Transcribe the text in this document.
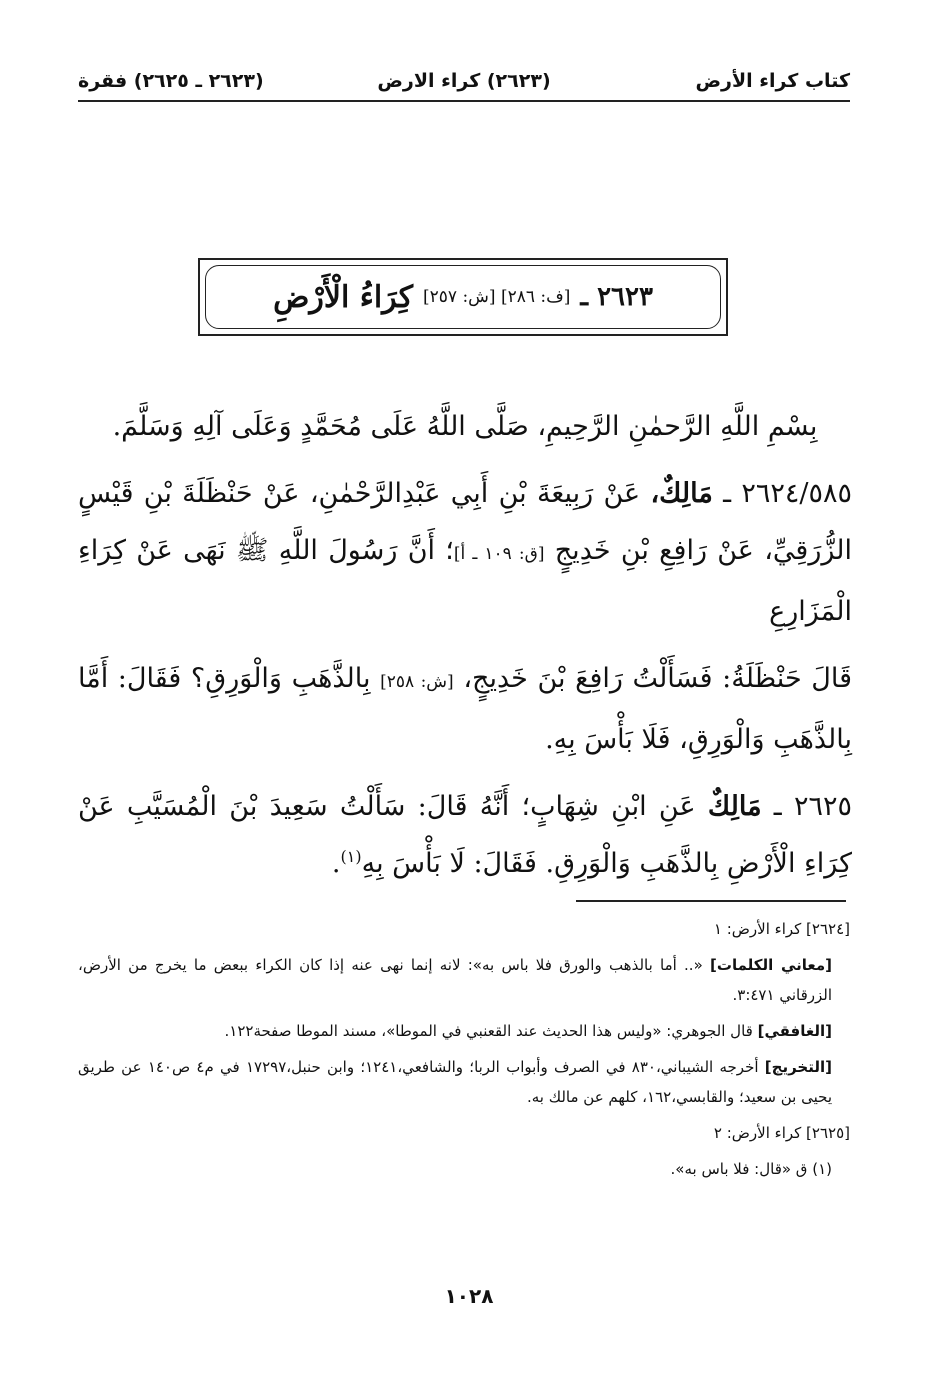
كتاب كراء الأرض
(٢٦٢٣) كراء الارض
(٢٦٢٣ ـ ٢٦٢٥) فقرة
٢٦٢٣ ـ
[ف: ٢٨٦] [ش: ٢٥٧]
كِرَاءُ الْأَرْضِ

بِسْمِ اللَّهِ الرَّحمٰنِ الرَّحِيمِ، صَلَّى اللَّهُ عَلَى مُحَمَّدٍ وَعَلَى آلِهِ وَسَلَّمَ.

٢٦٢٤/٥٨٥ ـ مَالِكٌ، عَنْ رَبِيعَةَ بْنِ أَبِي عَبْدِالرَّحْمٰنِ، عَنْ حَنْظَلَةَ بْنِ قَيْسٍ الزُّرَقِيِّ، عَنْ رَافِعِ بْنِ خَدِيجٍ [ق: ١٠٩ ـ أ]؛ أَنَّ رَسُولَ اللَّهِ ﷺ نَهَى عَنْ كِرَاءِ الْمَزَارِعِ

قَالَ حَنْظَلَةُ: فَسَأَلْتُ رَافِعَ بْنَ خَدِيجٍ، [ش: ٢٥٨] بِالذَّهَبِ وَالْوَرِقِ؟ فَقَالَ: أَمَّا بِالذَّهَبِ وَالْوَرِقِ، فَلَا بَأْسَ بِهِ.

٢٦٢٥ ـ مَالِكٌ عَنِ ابْنِ شِهَابٍ؛ أَنَّهُ قَالَ: سَأَلْتُ سَعِيدَ بْنَ الْمُسَيَّبِ عَنْ كِرَاءِ الْأَرْضِ بِالذَّهَبِ وَالْوَرِقِ. فَقَالَ: لَا بَأْسَ بِهِ$^{(١)}$.

[٢٦٢٤] كراء الأرض: ١

[معاني الكلمات] «.. أما بالذهب والورق فلا باس به»: لانه إنما نهى عنه إذا كان الكراء ببعض ما يخرج من الأرض، الزرقاني ٣:٤٧١.

[الغافقي] قال الجوهري: «وليس هذا الحديث عند القعنبي في الموطا»، مسند الموطا صفحة١٢٢.

[التخريج] أخرجه الشيباني،٨٣٠ في الصرف وأبواب الربا؛ والشافعي،١٢٤١؛ وابن حنبل،١٧٢٩٧ في م٤ ص١٤٠ عن طريق يحيى بن سعيد؛ والقابسي،١٦٢، كلهم عن مالك به.

[٢٦٢٥] كراء الأرض: ٢

(١) ق «قال: فلا باس به».

١٠٢٨
